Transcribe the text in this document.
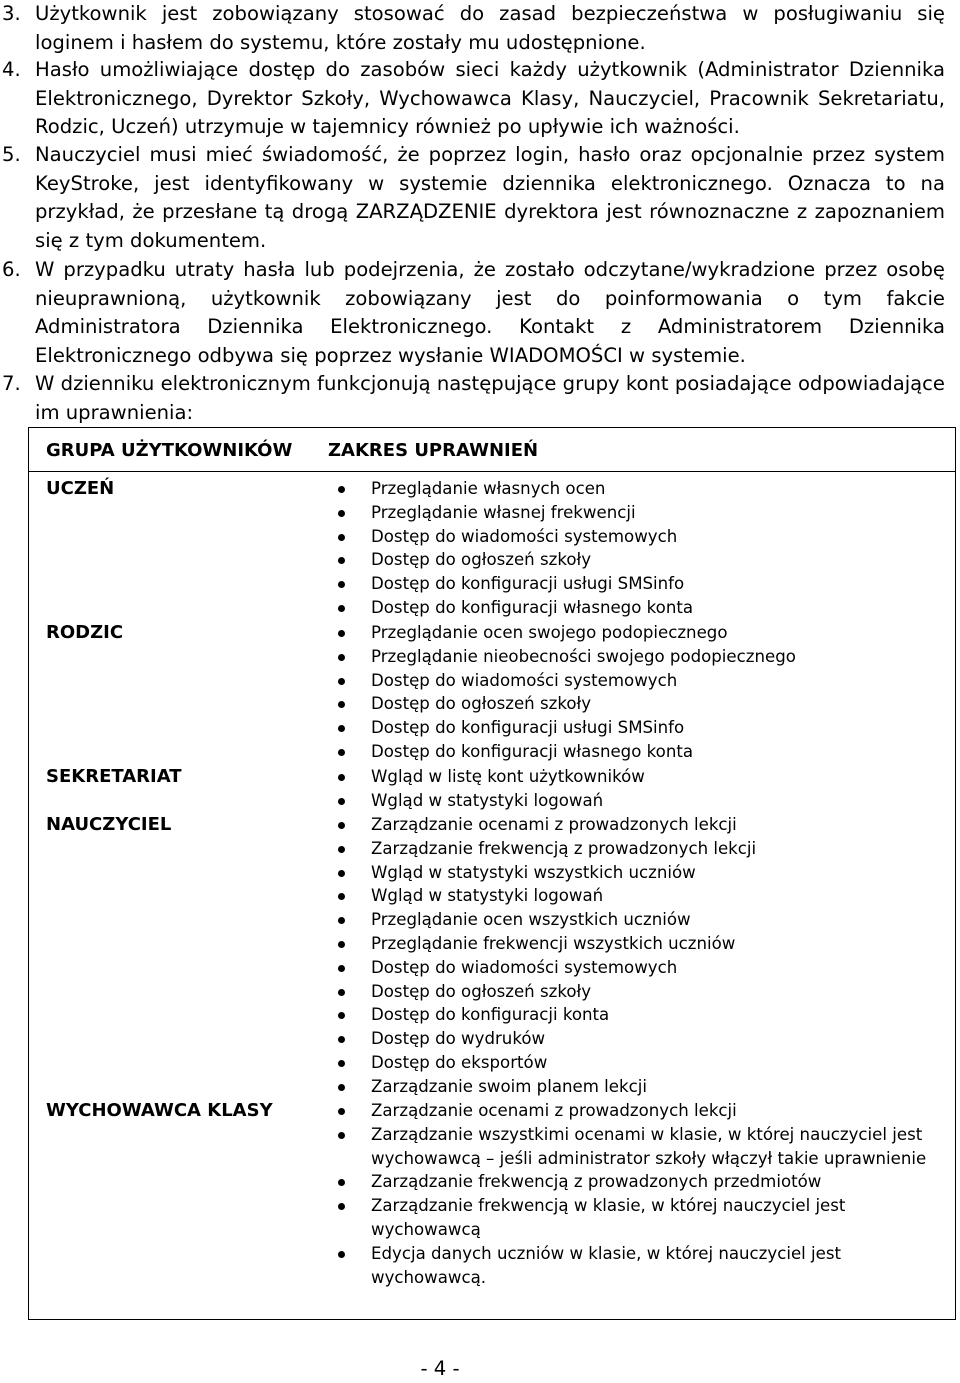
3. Użytkownik jest zobowiązany stosować do zasad bezpieczeństwa w posługiwaniu się loginem i hasłem do systemu, które zostały mu udostępnione.
4. Hasło umożliwiające dostęp do zasobów sieci każdy użytkownik (Administrator Dziennika Elektronicznego, Dyrektor Szkoły, Wychowawca Klasy, Nauczyciel, Pracownik Sekretariatu, Rodzic, Uczeń) utrzymuje w tajemnicy również po upływie ich ważności.
5. Nauczyciel musi mieć świadomość, że poprzez login, hasło oraz opcjonalnie przez system KeyStroke, jest identyfikowany w systemie dziennika elektronicznego. Oznacza to na przykład, że przesłane tą drogą ZARZĄDZENIE dyrektora jest równoznaczne z zapoznaniem się z tym dokumentem.
6. W przypadku utraty hasła lub podejrzenia, że zostało odczytane/wykradzione przez osobę nieuprawnioną, użytkownik zobowiązany jest do poinformowania o tym fakcie Administratora Dziennika Elektronicznego. Kontakt z Administratorem Dziennika Elektronicznego odbywa się poprzez wysłanie WIADOMOŚCI w systemie.
7. W dzienniku elektronicznym funkcjonują następujące grupy kont posiadające odpowiadające im uprawnienia:
GRUPA UŻYTKOWNIKÓW ZAKRES UPRAWNIEŃ
UCZEŃ	Przeglądanie własnych ocen
Przeglądanie własnej frekwencji
Dostęp do wiadomości systemowych
Dostęp do ogłoszeń szkoły
Dostęp do konfiguracji usługi SMSinfo
Dostęp do konfiguracji własnego konta
RODZIC	Przeglądanie ocen swojego podopiecznego
Przeglądanie nieobecności swojego podopiecznego
Dostęp do wiadomości systemowych
Dostęp do ogłoszeń szkoły
Dostęp do konfiguracji usługi SMSinfo
Dostęp do konfiguracji własnego konta
SEKRETARIAT	Wgląd w listę kont użytkowników
Wgląd w statystyki logowań
NAUCZYCIEL	Zarządzanie ocenami z prowadzonych lekcji
Zarządzanie frekwencją z prowadzonych lekcji
Wgląd w statystyki wszystkich uczniów
Wgląd w statystyki logowań
Przeglądanie ocen wszystkich uczniów
Przeglądanie frekwencji wszystkich uczniów
Dostęp do wiadomości systemowych
Dostęp do ogłoszeń szkoły
Dostęp do konfiguracji konta
Dostęp do wydruków
Dostęp do eksportów
Zarządzanie swoim planem lekcji
WYCHOWAWCA KLASY	Zarządzanie ocenami z prowadzonych lekcji
Zarządzanie wszystkimi ocenami w klasie, w której nauczyciel jest wychowawcą – jeśli administrator szkoły włączył takie uprawnienie
Zarządzanie frekwencją z prowadzonych przedmiotów
Zarządzanie frekwencją w klasie, w której nauczyciel jest wychowawcą
Edycja danych uczniów w klasie, w której nauczyciel jest wychowawcą.
- 4 -
